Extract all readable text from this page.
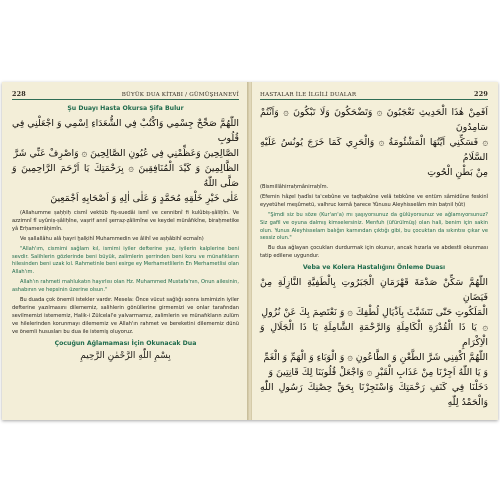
228	BÜYÜK DUA KİTABI / GÜMÜŞHANEVÎ
Şu Duayı Hasta Okursa Şifa Bulur
اللّٰهُمَّ صَحِّحْ جِسْمِي وَاكْتُبْ فِي الشُّعَدَاءِ اِسْمِي وَ اجْعَلْنِي فِي قُلُوبِ
الصَّالِحِينَ وَعَظِّمْنِي فِي عُيُونِ الصَّالِحِينَ ۞ وَاصْرِفْ عَنِّي شَرَّ
الظَّالِمِينَ وَ كَيْدَ الْمُنَافِقِينَ ۞ بِرَحْمَتِكَ يَا اَرْحَمَ الرَّاحِمِينَ وَ صَلَّى اللّٰهُ
عَلٰى خَيْرِ خَلْقِهِ مُحَمَّدٍ وَ عَلٰى اٰلِهِ وَ اَصْحَابِهِ اَجْمَعِينَ

(Allahumme ṣaḥḥiḥ cismî vektüb fiş-suedâi ismî ve cennibnî fi kulûbiṣ-ṣâliḥîn. Ve azzimnî fî uyûniṣ-ṣâliḥîne, vaṣrif annî şerraẓ-ẓâlimîne ve keydel münâfıkîne, biraḥmetike yâ Erḥamerrâḥimîn.

Ve ṣallallâhu alâ ḥayri ḫalḳihî Muhammedin ve âlihî ve aṣḥâbihî ecmaîn)

"Allah'ım, cismimi sağlam kıl, ismimi iyiler defterine yaz, iyilerin kalplerine beni sevdir. Salihlerin gözlerinde beni büyük, zalimlerin şerrinden beni koru ve münafıkların hilesinden beni uzak kıl. Rahmetinle beni esirge ey Merhametlilerin En Merhametlisi olan Allah'ım.

Allah'ın rahmeti mahlukatın hayırlısı olan Hz. Muhammed Mustafa'nın, Onun ailesinin, ashabının ve hepsinin üzerine olsun."

Bu duada çok önemli istekler vardır. Mesela: Önce vücut sağlığı sonra ismimizin iyiler defterine yazılmasını dilememiz, salihlerin gönüllerine girmemizi ve onlar tarafından sevilmemizi istememiz, Halik-i Zülcelal'e yalvarmamız, zalimlerin ve münafıkların zulüm ve hilelerinden korunmayı dilememiz ve Allah'ın rahmet ve bereketini dilememiz dünü ve önemli hususları bu dua ile istemiş oluyoruz.

Çocuğun Ağlamaması İçin Okunacak Dua
بِسْمِ اللّٰهِ الرَّحْمٰنِ الرَّحِيمِ
HASTALAR İLE İLGİLİ DUALAR	229
اَفَمِنْ هٰذَا الْحَدِيثِ تَعْجَبُونَ ۞ وَتَضْحَكُونَ وَلَا تَبْكُونَ ۞ وَاَنْتُمْ سَامِدُونَ
۞ فَسَكِّنِي اَيَّتُهَا الْمَشْئُومَةُ ۞ وَالْحَرِي كَمَا خَرَجَ يُونُسُ عَلَيْهِ السَّلَامُ
مِنْ بَطْنِ الْحُوتِ

(Bismillâhirraḥmânirraḥîm.

(Efemin hâẕel ḥadîsi taʿcebûne ve taḍḥakûne velâ tebkûne ve entüm sâmidûne feskinî eyyetühel meşûmetü, valhruc kemâ ḫarece Yûnusu Aleyhisselâm min baṭnil ḥût)

"Şimdi siz bu söze (Kur'an'a) mı şaşıyorsunuz da gülüyorsunuz ve ağlamıyorsunuz? Siz gafil ve oyuna dalmış kimselersiniz. Menfuh (üfürülmüş) olan hali, benim için sakin olun. Yunus Aleyhisselam balığın karnından çıktığı gibi, bu çocuktan da sıkıntısı çıkar ve sessiz olun."

Bu dua ağlayan çocukları durdurmak için okunur, ancak hızarla ve abdestli okunması tatip edilene uygundur.

Veba ve Kolera Hastalığını Önleme Duası
اللّٰهُمَّ سَكِّنْ صَدْمَةَ قَهْرَمَانِ الْجَبَرُوتِ بِالْطَفِيَّةِ النَّازِلَةِ مِنْ فَيَضَانِ
الْمَلَكُوتِ حَتّٰى نَتَشَبَّثَ بِاَذْيَالِ لُطْفِكَ ۞ وَ نَعْتَصِمَ بِكَ عَنْ نُزُولِ
۞ يَا ذَا الْقُدْرَةِ الْكَامِلَةِ وَالرَّحْمَةِ الشَّامِلَةِ يَا ذَا الْجَلَالِ وَ الْاِكْرَامِ
اللّٰهُمَّ اكْفِنِي شَرَّ الطَّعْنِ وَ الطَّاعُونِ ۞ وَ الْوَبَاءِ وَ الْهَمِّ وَ الْغَمِّ
وَ يَا اللّٰهُ اَجِرْنَا مِنْ عَذَابِ الْقَبْرِ ۞ وَاجْعَلْ قُلُوبَنَا لِكَ قَانِتِينَ وَ
دَخَلْنَا فِي كَنَفِ رَحْمَتِكَ وَاسْتَجِرْنَا بِحَقِّ حِصْنِكَ رَسُولِ اللّٰهِ وَالْحَمْدُ لِلّٰهِ
